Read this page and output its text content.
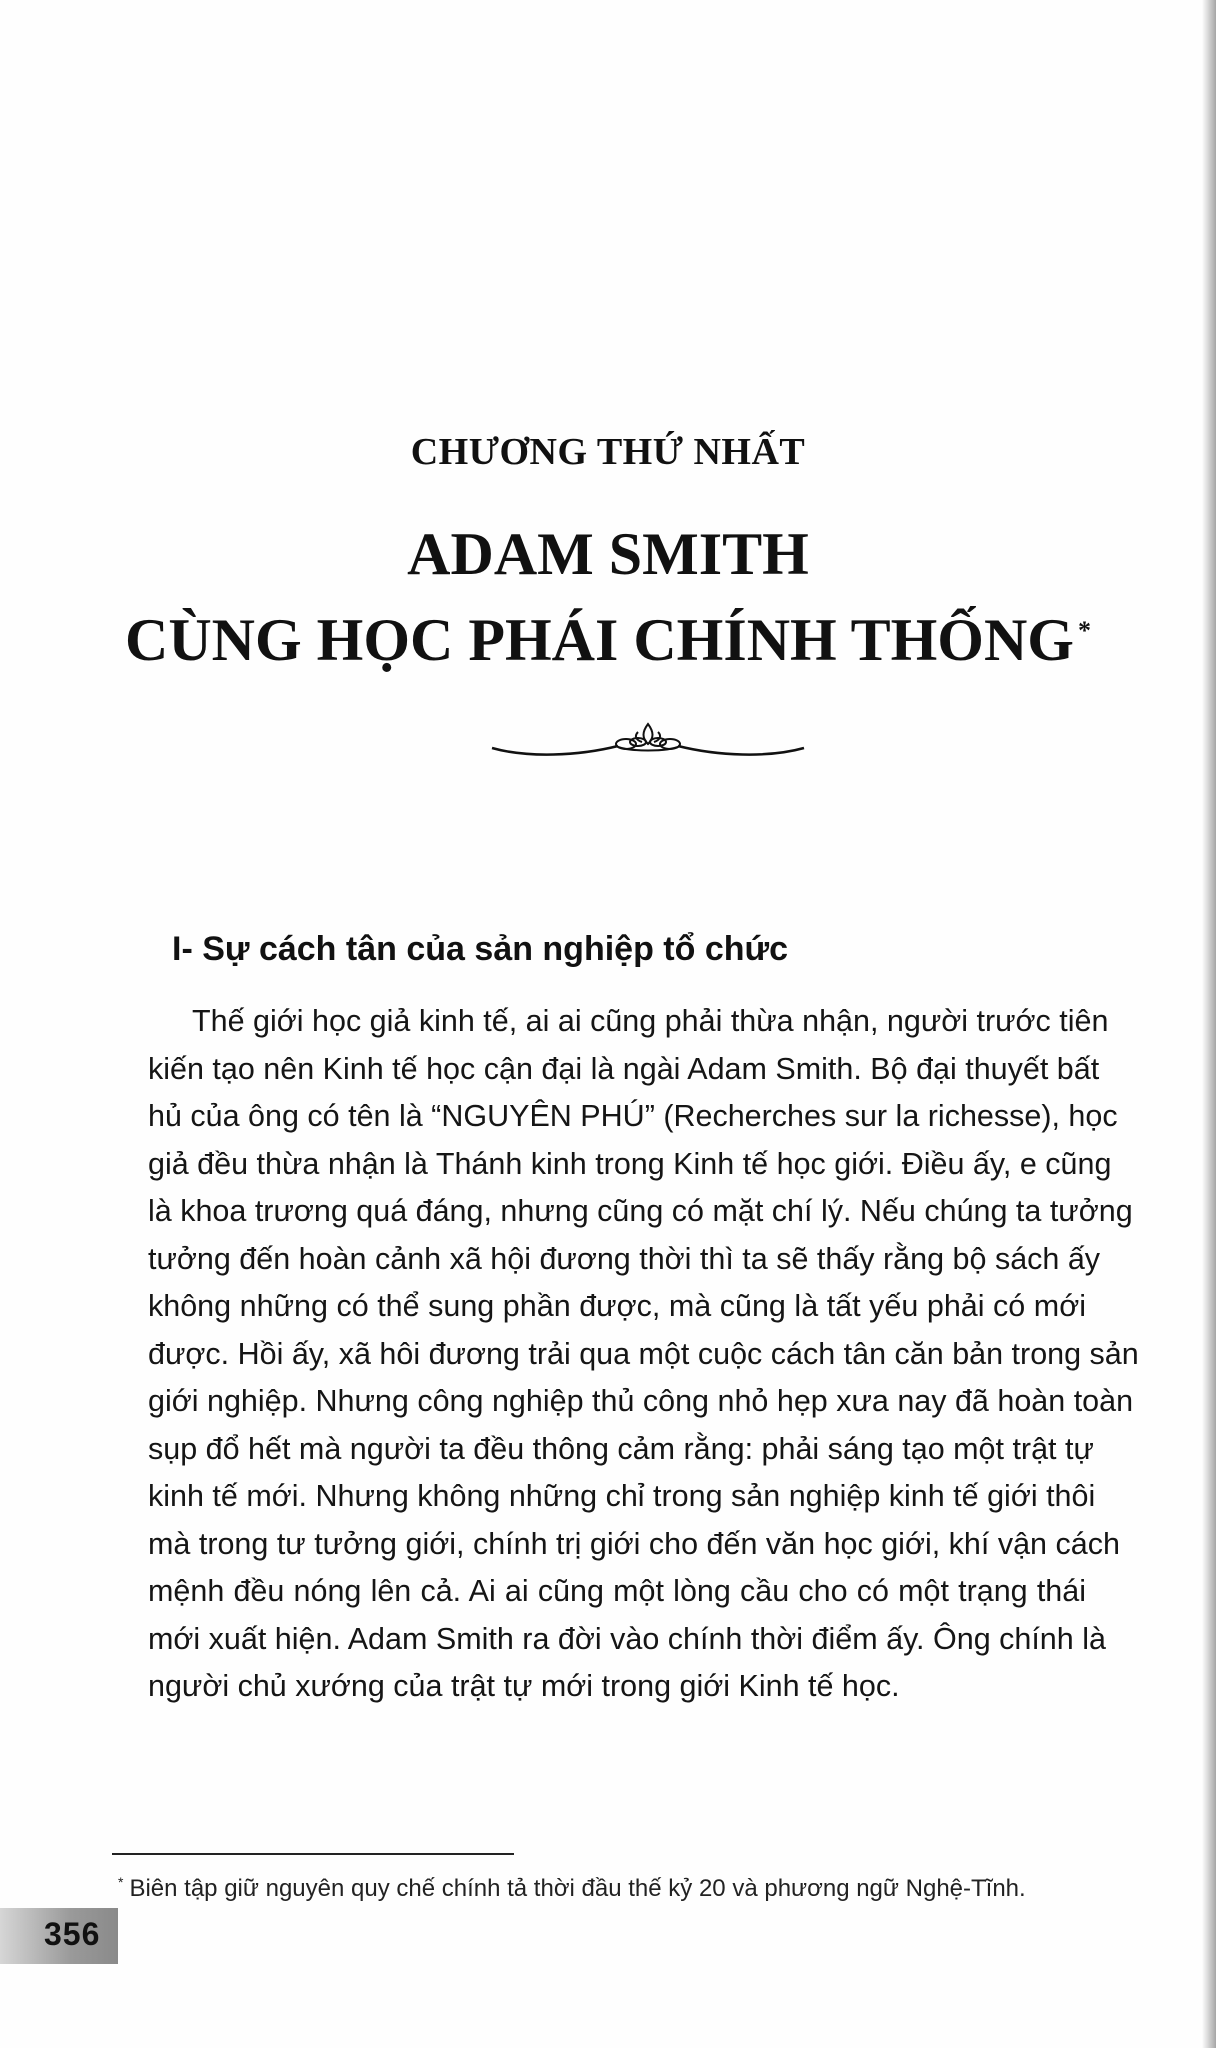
CHƯƠNG THỨ NHẤT
ADAM SMITH
CÙNG HỌC PHÁI CHÍNH THỐNG *
I- Sự cách tân của sản nghiệp tổ chức
Thế giới học giả kinh tế, ai ai cũng phải thừa nhận, người trước tiên
kiến tạo nên Kinh tế học cận đại là ngài Adam Smith. Bộ đại thuyết bất
hủ của ông có tên là “NGUYÊN PHÚ” (Recherches sur la richesse), học
giả đều thừa nhận là Thánh kinh trong Kinh tế học giới. Điều ấy, e cũng
là khoa trương quá đáng, nhưng cũng có mặt chí lý. Nếu chúng ta tưởng
tưởng đến hoàn cảnh xã hội đương thời thì ta sẽ thấy rằng bộ sách ấy
không những có thể sung phần được, mà cũng là tất yếu phải có mới
được. Hồi ấy, xã hôi đương trải qua một cuộc cách tân căn bản trong sản
giới nghiệp. Nhưng công nghiệp thủ công nhỏ hẹp xưa nay đã hoàn toàn
sụp đổ hết mà người ta đều thông cảm rằng: phải sáng tạo một trật tự
kinh tế mới. Nhưng không những chỉ trong sản nghiệp kinh tế giới thôi
mà trong tư tưởng giới, chính trị giới cho đến văn học giới, khí vận cách
mệnh đều nóng lên cả. Ai ai cũng một lòng cầu cho có một trạng thái
mới xuất hiện. Adam Smith ra đời vào chính thời điểm ấy. Ông chính là
người chủ xướng của trật tự mới trong giới Kinh tế học.
* Biên tập giữ nguyên quy chế chính tả thời đầu thế kỷ 20 và phương ngữ Nghệ-Tĩnh.
356
